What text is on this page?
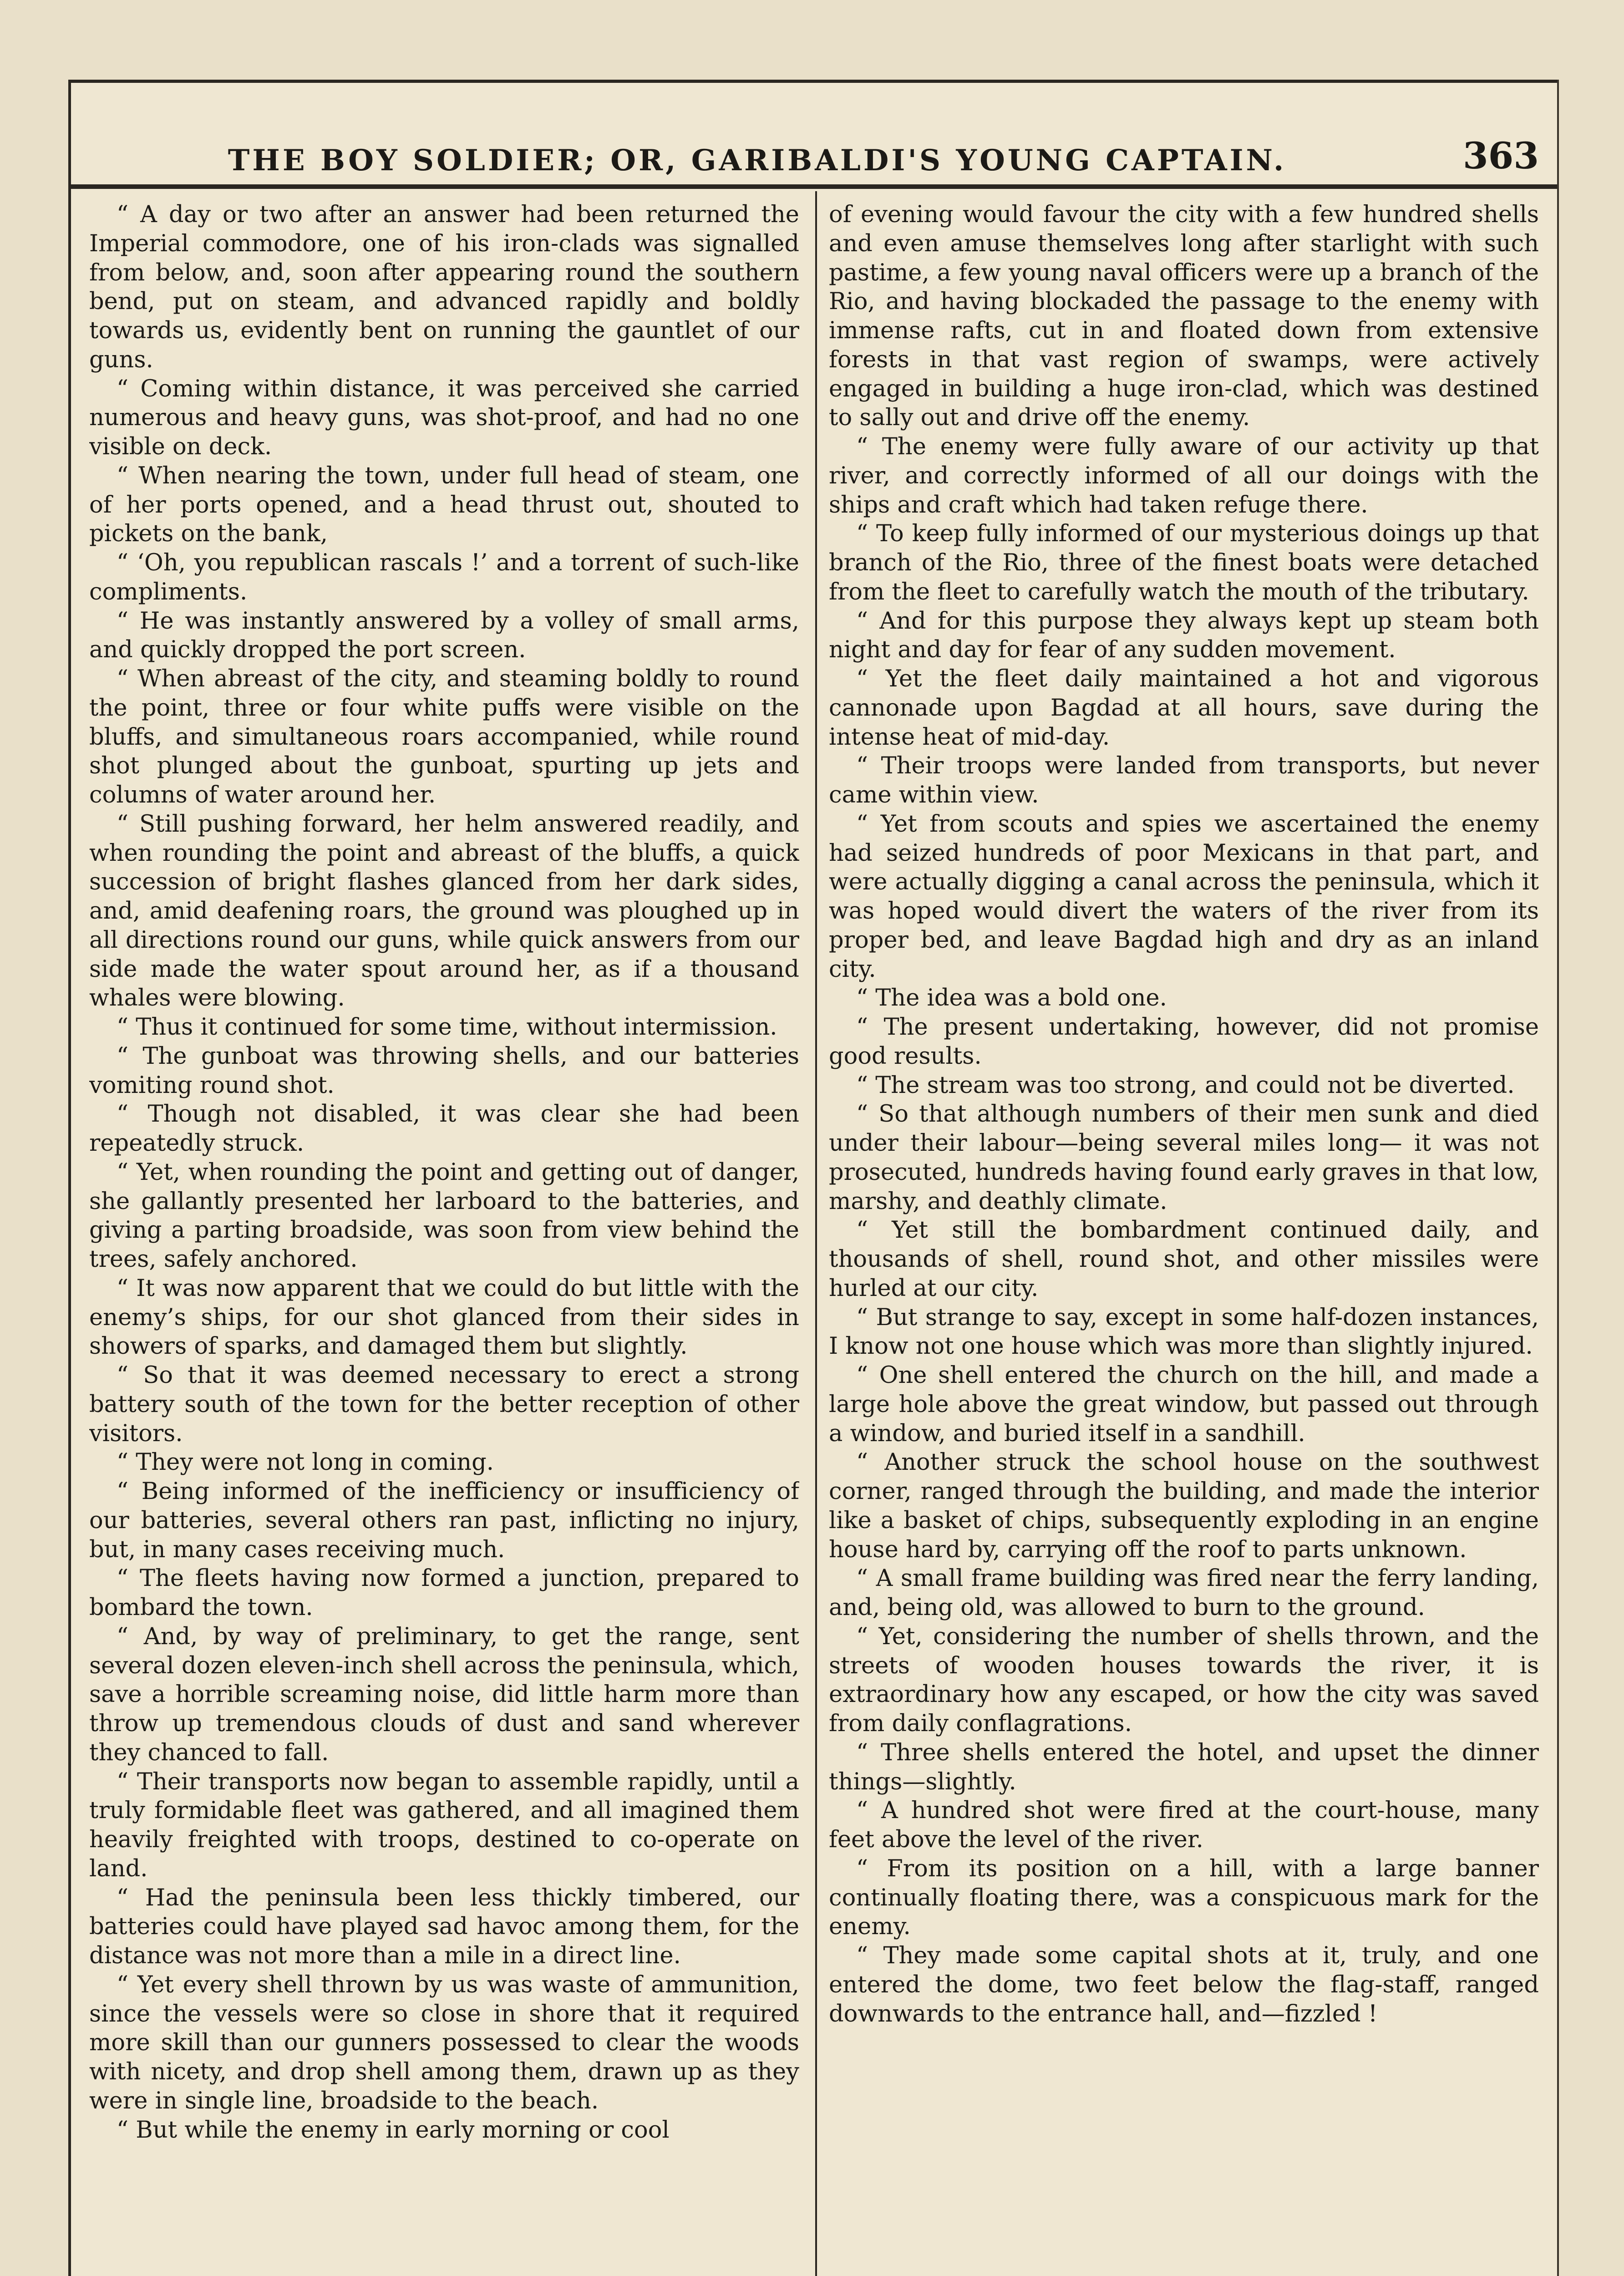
THE BOY SOLDIER; OR, GARIBALDI'S YOUNG CAPTAIN.	363

“ A day or two after an answer had been returned the Imperial commodore, one of his iron-clads was signalled from below, and, soon after appearing round the southern bend, put on steam, and advanced rapidly and boldly towards us, evidently bent on running the gauntlet of our guns.

“ Coming within distance, it was perceived she carried numerous and heavy guns, was shot-proof, and had no one visible on deck.

“ When nearing the town, under full head of steam, one of her ports opened, and a head thrust out, shouted to pickets on the bank,

“ ‘Oh, you republican rascals !’ and a torrent of such-like compliments.

“ He was instantly answered by a volley of small arms, and quickly dropped the port screen.

“ When abreast of the city, and steaming boldly to round the point, three or four white puffs were visible on the bluffs, and simultaneous roars accompanied, while round shot plunged about the gunboat, spurting up jets and columns of water around her.

“ Still pushing forward, her helm answered readily, and when rounding the point and abreast of the bluffs, a quick succession of bright flashes glanced from her dark sides, and, amid deafening roars, the ground was ploughed up in all directions round our guns, while quick answers from our side made the water spout around her, as if a thousand whales were blowing.

“ Thus it continued for some time, without intermission.

“ The gunboat was throwing shells, and our batteries vomiting round shot.

“ Though not disabled, it was clear she had been repeatedly struck.

“ Yet, when rounding the point and getting out of danger, she gallantly presented her larboard to the batteries, and giving a parting broadside, was soon from view behind the trees, safely anchored.

“ It was now apparent that we could do but little with the enemy’s ships, for our shot glanced from their sides in showers of sparks, and damaged them but slightly.

“ So that it was deemed necessary to erect a strong battery south of the town for the better reception of other visitors.

“ They were not long in coming.

“ Being informed of the inefficiency or insufficiency of our batteries, several others ran past, inflicting no injury, but, in many cases receiving much.

“ The fleets having now formed a junction, prepared to bombard the town.

“ And, by way of preliminary, to get the range, sent several dozen eleven-inch shell across the peninsula, which, save a horrible screaming noise, did little harm more than throw up tremendous clouds of dust and sand wherever they chanced to fall.

“ Their transports now began to assemble rapidly, until a truly formidable fleet was gathered, and all imagined them heavily freighted with troops, destined to co-operate on land.

“ Had the peninsula been less thickly timbered, our batteries could have played sad havoc among them, for the distance was not more than a mile in a direct line.

“ Yet every shell thrown by us was waste of ammunition, since the vessels were so close in shore that it required more skill than our gunners possessed to clear the woods with nicety, and drop shell among them, drawn up as they were in single line, broadside to the beach.

“ But while the enemy in early morning or cool

of evening would favour the city with a few hundred shells and even amuse themselves long after starlight with such pastime, a few young naval officers were up a branch of the Rio, and having blockaded the passage to the enemy with immense rafts, cut in and floated down from extensive forests in that vast region of swamps, were actively engaged in building a huge iron-clad, which was destined to sally out and drive off the enemy.

“ The enemy were fully aware of our activity up that river, and correctly informed of all our doings with the ships and craft which had taken refuge there.

“ To keep fully informed of our mysterious doings up that branch of the Rio, three of the finest boats were detached from the fleet to carefully watch the mouth of the tributary.

“ And for this purpose they always kept up steam both night and day for fear of any sudden movement.

“ Yet the fleet daily maintained a hot and vigorous cannonade upon Bagdad at all hours, save during the intense heat of mid-day.

“ Their troops were landed from transports, but never came within view.

“ Yet from scouts and spies we ascertained the enemy had seized hundreds of poor Mexicans in that part, and were actually digging a canal across the peninsula, which it was hoped would divert the waters of the river from its proper bed, and leave Bagdad high and dry as an inland city.

“ The idea was a bold one.

“ The present undertaking, however, did not promise good results.

“ The stream was too strong, and could not be diverted.

“ So that although numbers of their men sunk and died under their labour—being several miles long— it was not prosecuted, hundreds having found early graves in that low, marshy, and deathly climate.

“ Yet still the bombardment continued daily, and thousands of shell, round shot, and other missiles were hurled at our city.

“ But strange to say, except in some half-dozen instances, I know not one house which was more than slightly injured.

“ One shell entered the church on the hill, and made a large hole above the great window, but passed out through a window, and buried itself in a sandhill.

“ Another struck the school house on the southwest corner, ranged through the building, and made the interior like a basket of chips, subsequently exploding in an engine house hard by, carrying off the roof to parts unknown.

“ A small frame building was fired near the ferry landing, and, being old, was allowed to burn to the ground.

“ Yet, considering the number of shells thrown, and the streets of wooden houses towards the river, it is extraordinary how any escaped, or how the city was saved from daily conflagrations.

“ Three shells entered the hotel, and upset the dinner things—slightly.

“ A hundred shot were fired at the court-house, many feet above the level of the river.

“ From its position on a hill, with a large banner continually floating there, was a conspicuous mark for the enemy.

“ They made some capital shots at it, truly, and one entered the dome, two feet below the flag-staff, ranged downwards to the entrance hall, and—fizzled !
